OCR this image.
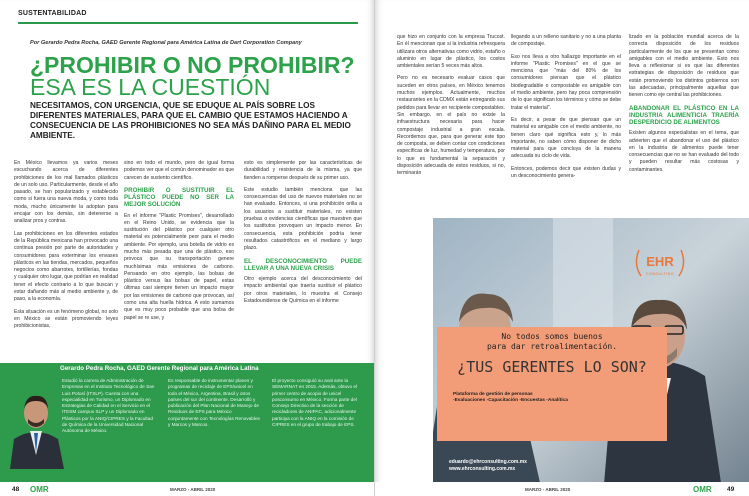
SUSTENTABILIDAD
Por Gerardo Pedra Rocha, GAED Gerente Regional para América Latina de Dart Corporation Company
¿PROHIBIR O NO PROHIBIR?
ESA ES LA CUESTIÓN
NECESITAMOS, CON URGENCIA, QUE SE EDUQUE AL PAÍS SOBRE LOS DIFERENTES MATERIALES, PARA QUE EL CAMBIO QUE ESTAMOS HACIENDO A CONSECUENCIA DE LAS PROHIBICIONES NO SEA MÁS DAÑINO PARA EL MEDIO AMBIENTE.

En México llevamos ya varios meses escuchando acerca de diferentes prohibiciones de los mal llamados plásticos de un solo uso. Particularmente, desde el año pasado, se han popularizado y establecido como si fuera una nueva moda, y como toda moda, mucho únicamente la adoptan para encajar con los demás, sin detenerse a analizar pros y contras.

Las prohibiciones en los diferentes estados de la República mexicana han provocado una continua presión por parte de autoridades y consumidores para exterminar los envases plásticos en las tiendas, mercados, pequeños negocios como abarrotes, tortillerías, fondas y cualquier otro lugar, que podrían en realidad tener el efecto contrario a lo que buscan y estar dañando más al medio ambiente y, de paso, a la economía.

Esta situación es un fenómeno global, no solo en México se están promoviendo leyes prohibicionistas,

sino en todo el mundo, pero de igual forma podemos ver que el común denominador es que carecen de sustento científico.

PROHIBIR O SUSTITUIR EL PLÁSTICO PUEDE NO SER LA MEJOR SOLUCIÓN

En el informe "Plastic Promises", desarrollado en el Reino Unido, se evidencia que la sustitución del plástico por cualquier otro material es potencialmente peor para el medio ambiente. Por ejemplo, una botella de vidrio es mucho más pesada que una de plástico, eso provoca que su transportación genere muchísimas más emisiones de carbono. Pensando en otro ejemplo, las bolsas de plástico versus las bolsas de papel, estas últimas casi siempre tienen un impacto mayor por las emisiones de carbono que provocan, así como una alta huella hídrica. A esto sumamos que es muy poco probable que una bolsa de papel se re use, y

esto es simplemente por las características de durabilidad y resistencia de la misma, ya que tienden a romperse después de su primer uso.

Este estudio también menciona que las consecuencias del uso de nuevos materiales no se han evaluado. Entonces, si una prohibición orilla a los usuarios a sustituir materiales, no existen pruebas o evidencias científicas que muestren que los sustitutos provoquen un impacto menor. En consecuencia, esta prohibición podría tener resultados catastróficos en el mediano y largo plazo.

EL DESCONOCIMIENTO PUEDE LLEVAR A UNA NUEVA CRISIS

Otro ejemplo acerca del desconocimiento del impacto ambiental que traería sustituir el plástico por otros materiales, lo muestra el Consejo Estadounidense de Química en el informe

Gerardo Pedra Rocha, GAED Gerente Regional para América Latina
Estudió la carrera de Administración de Empresas en el Instituto Tecnológico de San Luis Potosí (ITSLP). Cuenta con una especialidad en Turismo, un Diplomado en Estrategias de Calidad en el Servicio en el ITESM campus SLP y un Diplomado en Plásticos por la ANIQ/CIPRES y la Facultad de Química de la Universidad Nacional Autónoma de México.
Es responsable de instrumentar planes y programas de reciclaje de EPS/unicel en todo el México, Argentina, Brasil y otros países del sur del continente. Desarrolló y publicación del Plan Nacional de Manejo de Residuos de EPS para México conjuntamente con Tecnologías Renovables y Marcos y Marcos.
El proyecto consiguió su aval ante la SEMARNAT en 2015. Además, obtuvo el primer centro de acopio de unicel posconsumo en México. Forma parte del Consejo Directivo de la sección de recicladores de ANIPAC, adicionalmente participa con la ANIQ en la comisión de CIPRES en el grupo de trabajo de EPS.
48 OMR	MARZO - ABRIL 2020

que hizo en conjunto con la empresa Trucost. En él mencionan que si la industria refresquera utilizara otros alternativas como vidrio, estaño o aluminio en lugar de plástico, los costos ambientales serían 5 veces más altos.

Pero no es necesario evaluar casos que suceden en otros países, en México tenemos muchos ejemplos. Actualmente, muchos restaurantes en la CDMX están entregando sus pedidos para llevar en recipiente compostables. Sin embargo, en el país no existe la infraestructura necesaria para hacer compostaje industrial a gran escala. Recordemos que, para que generar este tipo de composta, se deben contar con condiciones específicas de luz, humedad y temperatura, por lo que es fundamental la separación y disposición adecuada de estos residuos, si no, terminarán

llegando a un relleno sanitario y no a una planta de compostaje.

Eso nos lleva a otro hallazgo importante en el informe "Plastic Promises" en el que se menciona que "más del 80% de los consumidores piensan que el plástico biodegradable o compostable es amigable con el medio ambiente, pero hay poca comprensión de lo que significan los términos y cómo se debe tratar el material".

Es decir, a pesar de que piensan que un material es amigable con el medio ambiente, no tienen claro qué significa esto y, lo más importante, no saben cómo disponer de dicho material para que concluya de la manera adecuada su ciclo de vida.

Entonces, podemos decir que existen dudas y un desconocimiento genera-

lizado en la población mundial acerca de la correcta disposición de los residuos particularmente de los que se presentan como amigables con el medio ambiente. Esto nos lleva a reflexionar si es que las diferentes estrategias de disposición de residuos que están promoviendo los distintos gobiernos son las adecuadas, principalmente aquellas que tienen como eje central las prohibiciones.

ABANDONAR EL PLÁSTICO EN LA INDUSTRIA ALIMENTICIA TRAERÍA DESPERDICIO DE ALIMENTOS

Existen algunos especialistas en el tema, que advierten que el abandonar el uso del plástico en la industria de alimentos puede tener consecuencias que no se han evaluado del todo y pueden resultar más costosas y contaminantes.

EHR
CONSULTING
No todos somos buenos
para dar retroalimentación.
¿TUS GERENTES LO SON?
Plataforma de gestión de personas
-Evaluaciones -Capacitación -Encuestas -Analítica
eduardo@ehrconsulting.com.mx
www.ehrconsulting.com.mx
MARZO - ABRIL 2020	OMR 49
